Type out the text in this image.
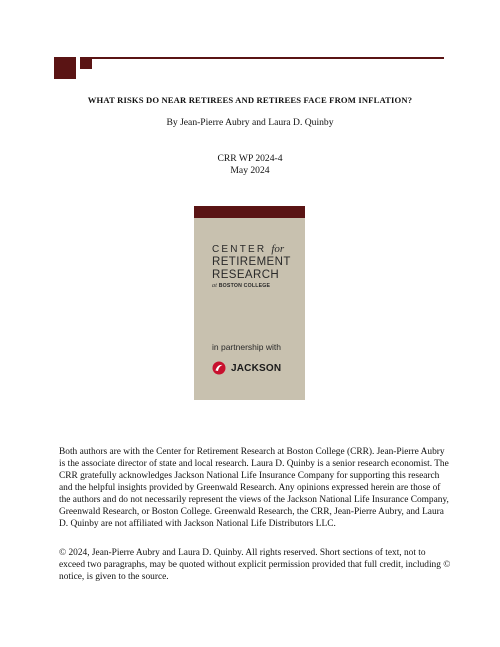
WHAT RISKS DO NEAR RETIREES AND RETIREES FACE FROM INFLATION?
By Jean-Pierre Aubry and Laura D. Quinby
CRR WP 2024-4
May 2024
CENTER for
RETIREMENT
RESEARCH
at BOSTON COLLEGE
in partnership with
JACKSON
Both authors are with the Center for Retirement Research at Boston College (CRR). Jean-Pierre Aubry is the associate director of state and local research. Laura D. Quinby is a senior research economist. The CRR gratefully acknowledges Jackson National Life Insurance Company for supporting this research and the helpful insights provided by Greenwald Research. Any opinions expressed herein are those of the authors and do not necessarily represent the views of the Jackson National Life Insurance Company, Greenwald Research, or Boston College. Greenwald Research, the CRR, Jean-Pierre Aubry, and Laura D. Quinby are not affiliated with Jackson National Life Distributors LLC.
© 2024, Jean-Pierre Aubry and Laura D. Quinby. All rights reserved. Short sections of text, not to exceed two paragraphs, may be quoted without explicit permission provided that full credit, including © notice, is given to the source.
